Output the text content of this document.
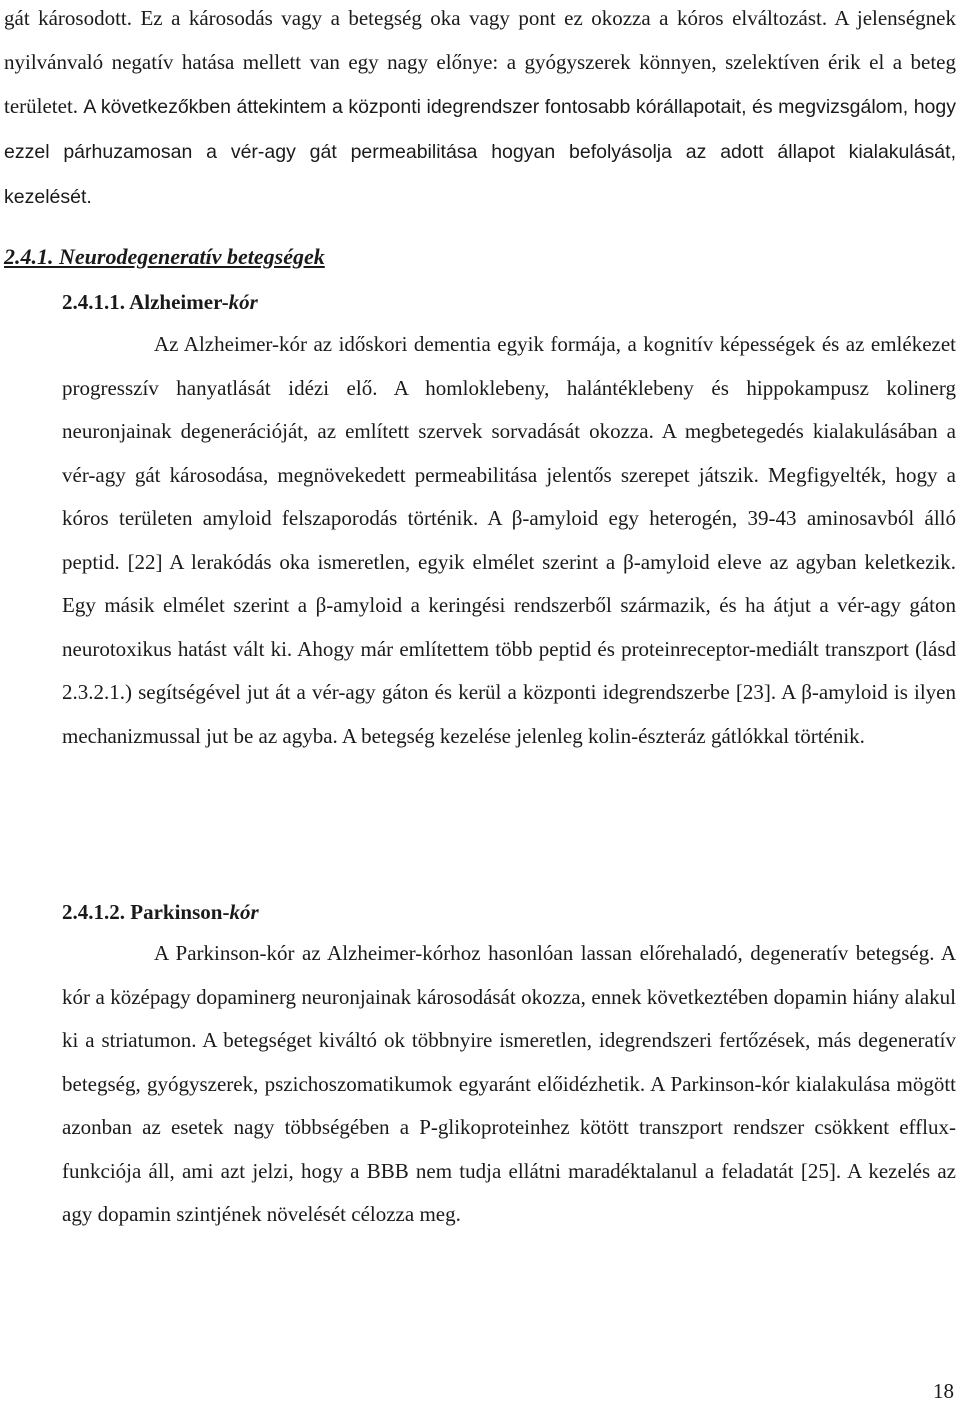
gát károsodott. Ez a károsodás vagy a betegség oka vagy pont ez okozza a kóros elváltozást. A jelenségnek nyilvánvaló negatív hatása mellett van egy nagy előnye: a gyógyszerek könnyen, szelektíven érik el a beteg területet. A következőkben áttekintem a központi idegrendszer fontosabb kórállapotait, és megvizsgálom, hogy ezzel párhuzamosan a vér-agy gát permeabilitása hogyan befolyásolja az adott állapot kialakulását, kezelését.

2.4.1. Neurodegeneratív betegségek
2.4.1.1. Alzheimer-kór

Az Alzheimer-kór az időskori dementia egyik formája, a kognitív képességek és az emlékezet progresszív hanyatlását idézi elő. A homloklebeny, halántéklebeny és hippokampusz kolinerg neuronjainak degenerációját, az említett szervek sorvadását okozza. A megbetegedés kialakulásában a vér-agy gát károsodása, megnövekedett permeabilitása jelentős szerepet játszik. Megfigyelték, hogy a kóros területen amyloid felszaporodás történik. A β-amyloid egy heterogén, 39-43 aminosavból álló peptid. [22] A lerakódás oka ismeretlen, egyik elmélet szerint a β-amyloid eleve az agyban keletkezik. Egy másik elmélet szerint a β-amyloid a keringési rendszerből származik, és ha átjut a vér-agy gáton neurotoxikus hatást vált ki. Ahogy már említettem több peptid és proteinreceptor-mediált transzport (lásd 2.3.2.1.) segítségével jut át a vér-agy gáton és kerül a központi idegrendszerbe [23]. A β-amyloid is ilyen mechanizmussal jut be az agyba. A betegség kezelése jelenleg kolin-észteráz gátlókkal történik.

2.4.1.2. Parkinson-kór

A Parkinson-kór az Alzheimer-kórhoz hasonlóan lassan előrehaladó, degeneratív betegség. A kór a középagy dopaminerg neuronjainak károsodását okozza, ennek következtében dopamin hiány alakul ki a striatumon. A betegséget kiváltó ok többnyire ismeretlen, idegrendszeri fertőzések, más degeneratív betegség, gyógyszerek, pszichoszomatikumok egyaránt előidézhetik. A Parkinson-kór kialakulása mögött azonban az esetek nagy többségében a P-glikoproteinhez kötött transzport rendszer csökkent efflux-funkciója áll, ami azt jelzi, hogy a BBB nem tudja ellátni maradéktalanul a feladatát [25]. A kezelés az agy dopamin szintjének növelését célozza meg.

18
